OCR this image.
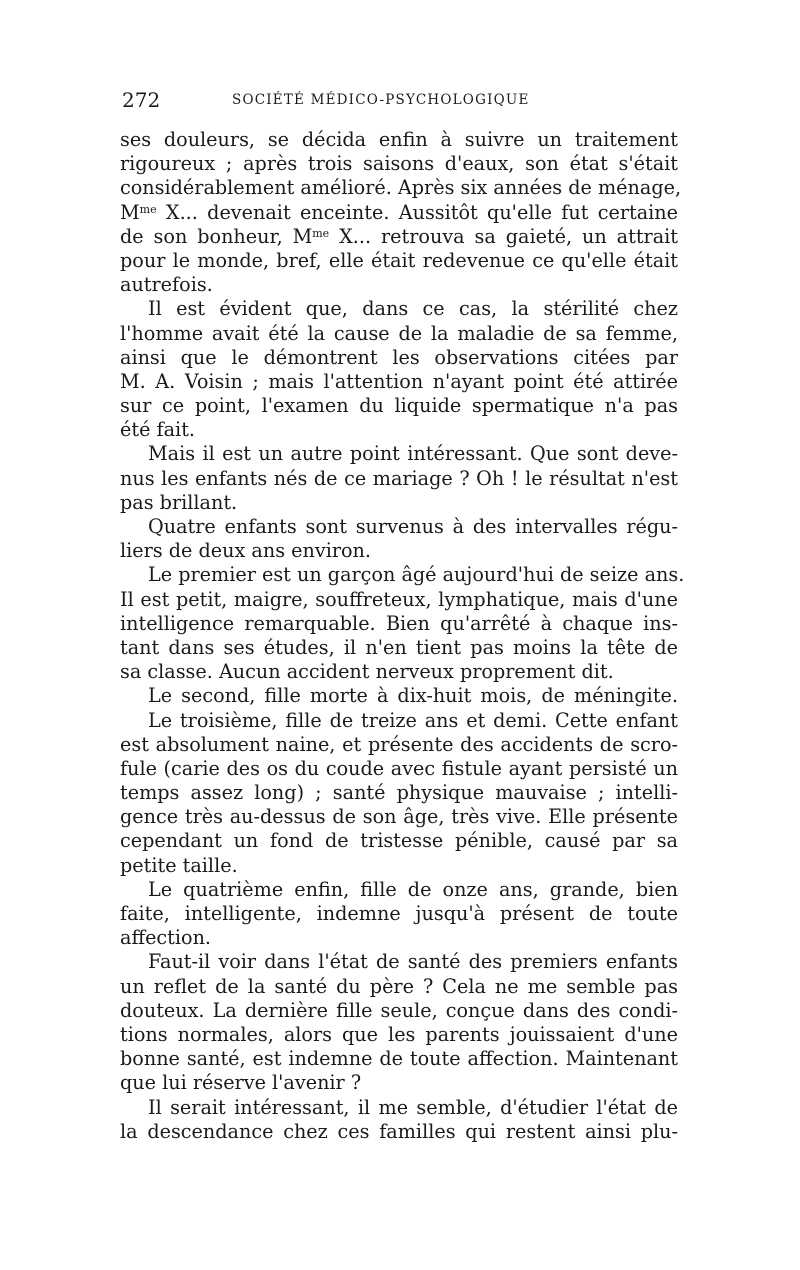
272	SOCIÉTÉ MÉDICO-PSYCHOLOGIQUE
ses douleurs, se décida enfin à suivre un traitement
rigoureux ; après trois saisons d'eaux, son état s'était
considérablement amélioré. Après six années de ménage,
$M^{me}$ X... devenait enceinte. Aussitôt qu'elle fut certaine
de son bonheur, $M^{me}$ X... retrouva sa gaieté, un attrait
pour le monde, bref, elle était redevenue ce qu'elle était
autrefois.
Il est évident que, dans ce cas, la stérilité chez
l'homme avait été la cause de la maladie de sa femme,
ainsi que le démontrent les observations citées par
M. A. Voisin ; mais l'attention n'ayant point été attirée
sur ce point, l'examen du liquide spermatique n'a pas
été fait.
Mais il est un autre point intéressant. Que sont deve-
nus les enfants nés de ce mariage ? Oh ! le résultat n'est
pas brillant.
Quatre enfants sont survenus à des intervalles régu-
liers de deux ans environ.
Le premier est un garçon âgé aujourd'hui de seize ans.
Il est petit, maigre, souffreteux, lymphatique, mais d'une
intelligence remarquable. Bien qu'arrêté à chaque ins-
tant dans ses études, il n'en tient pas moins la tête de
sa classe. Aucun accident nerveux proprement dit.
Le second, fille morte à dix-huit mois, de méningite.
Le troisième, fille de treize ans et demi. Cette enfant
est absolument naine, et présente des accidents de scro-
fule (carie des os du coude avec fistule ayant persisté un
temps assez long) ; santé physique mauvaise ; intelli-
gence très au-dessus de son âge, très vive. Elle présente
cependant un fond de tristesse pénible, causé par sa
petite taille.
Le quatrième enfin, fille de onze ans, grande, bien
faite, intelligente, indemne jusqu'à présent de toute
affection.
Faut-il voir dans l'état de santé des premiers enfants
un reflet de la santé du père ? Cela ne me semble pas
douteux. La dernière fille seule, conçue dans des condi-
tions normales, alors que les parents jouissaient d'une
bonne santé, est indemne de toute affection. Maintenant
que lui réserve l'avenir ?
Il serait intéressant, il me semble, d'étudier l'état de
la descendance chez ces familles qui restent ainsi plu-
